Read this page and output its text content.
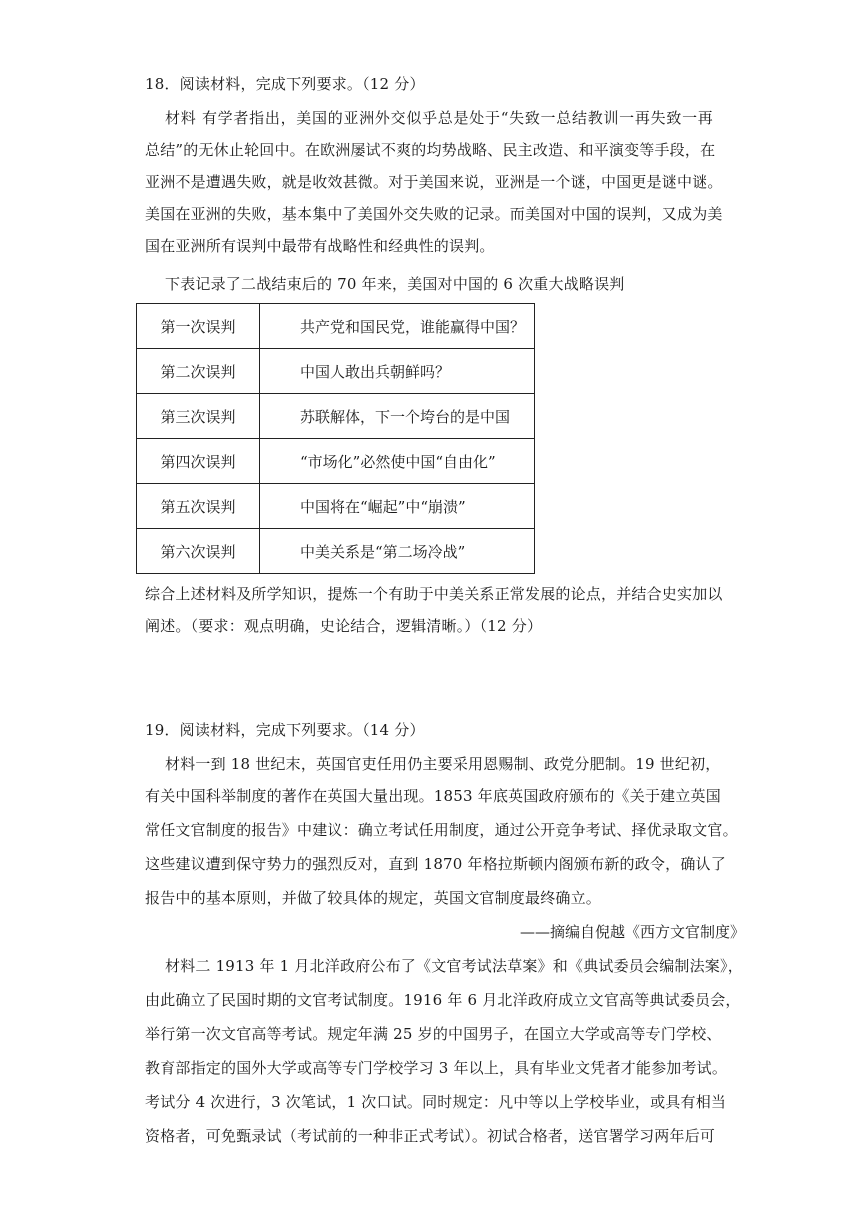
18．阅读材料，完成下列要求。（12 分）
材料 有学者指出，美国的亚洲外交似乎总是处于“失致一总结教训一再失致一再
总结”的无休止轮回中。在欧洲屡试不爽的均势战略、民主改造、和平演变等手段，在
亚洲不是遭遇失败，就是收效甚微。对于美国来说，亚洲是一个谜，中国更是谜中谜。
美国在亚洲的失败，基本集中了美国外交失败的记录。而美国对中国的误判，又成为美
国在亚洲所有误判中最带有战略性和经典性的误判。
下表记录了二战结束后的 70 年来，美国对中国的 6 次重大战略误判
第一次误判	共产党和国民党，谁能赢得中国？
第二次误判	中国人敢出兵朝鲜吗？
第三次误判	苏联解体，下一个垮台的是中国
第四次误判	“市场化”必然使中国“自由化”
第五次误判	中国将在“崛起”中“崩溃”
第六次误判	中美关系是“第二场冷战”
综合上述材料及所学知识，提炼一个有助于中美关系正常发展的论点，并结合史实加以
阐述。（要求：观点明确，史论结合，逻辑清晰。）（12 分）
19．阅读材料，完成下列要求。（14 分）
材料一到 18 世纪末，英国官吏任用仍主要采用恩赐制、政党分肥制。19 世纪初，
有关中国科举制度的著作在英国大量出现。1853 年底英国政府颁布的《关于建立英国
常任文官制度的报告》中建议：确立考试任用制度，通过公开竞争考试、择优录取文官。
这些建议遭到保守势力的强烈反对，直到 1870 年格拉斯顿内阁颁布新的政令，确认了
报告中的基本原则，并做了较具体的规定，英国文官制度最终确立。
——摘编自倪越《西方文官制度》
材料二 1913 年 1 月北洋政府公布了《文官考试法草案》和《典试委员会编制法案》，
由此确立了民国时期的文官考试制度。1916 年 6 月北洋政府成立文官高等典试委员会，
举行第一次文官高等考试。规定年满 25 岁的中国男子，在国立大学或高等专门学校、
教育部指定的国外大学或高等专门学校学习 3 年以上，具有毕业文凭者才能参加考试。
考试分 4 次进行，3 次笔试，1 次口试。同时规定：凡中等以上学校毕业，或具有相当
资格者，可免甄录试（考试前的一种非正式考试）。初试合格者，送官署学习两年后可
